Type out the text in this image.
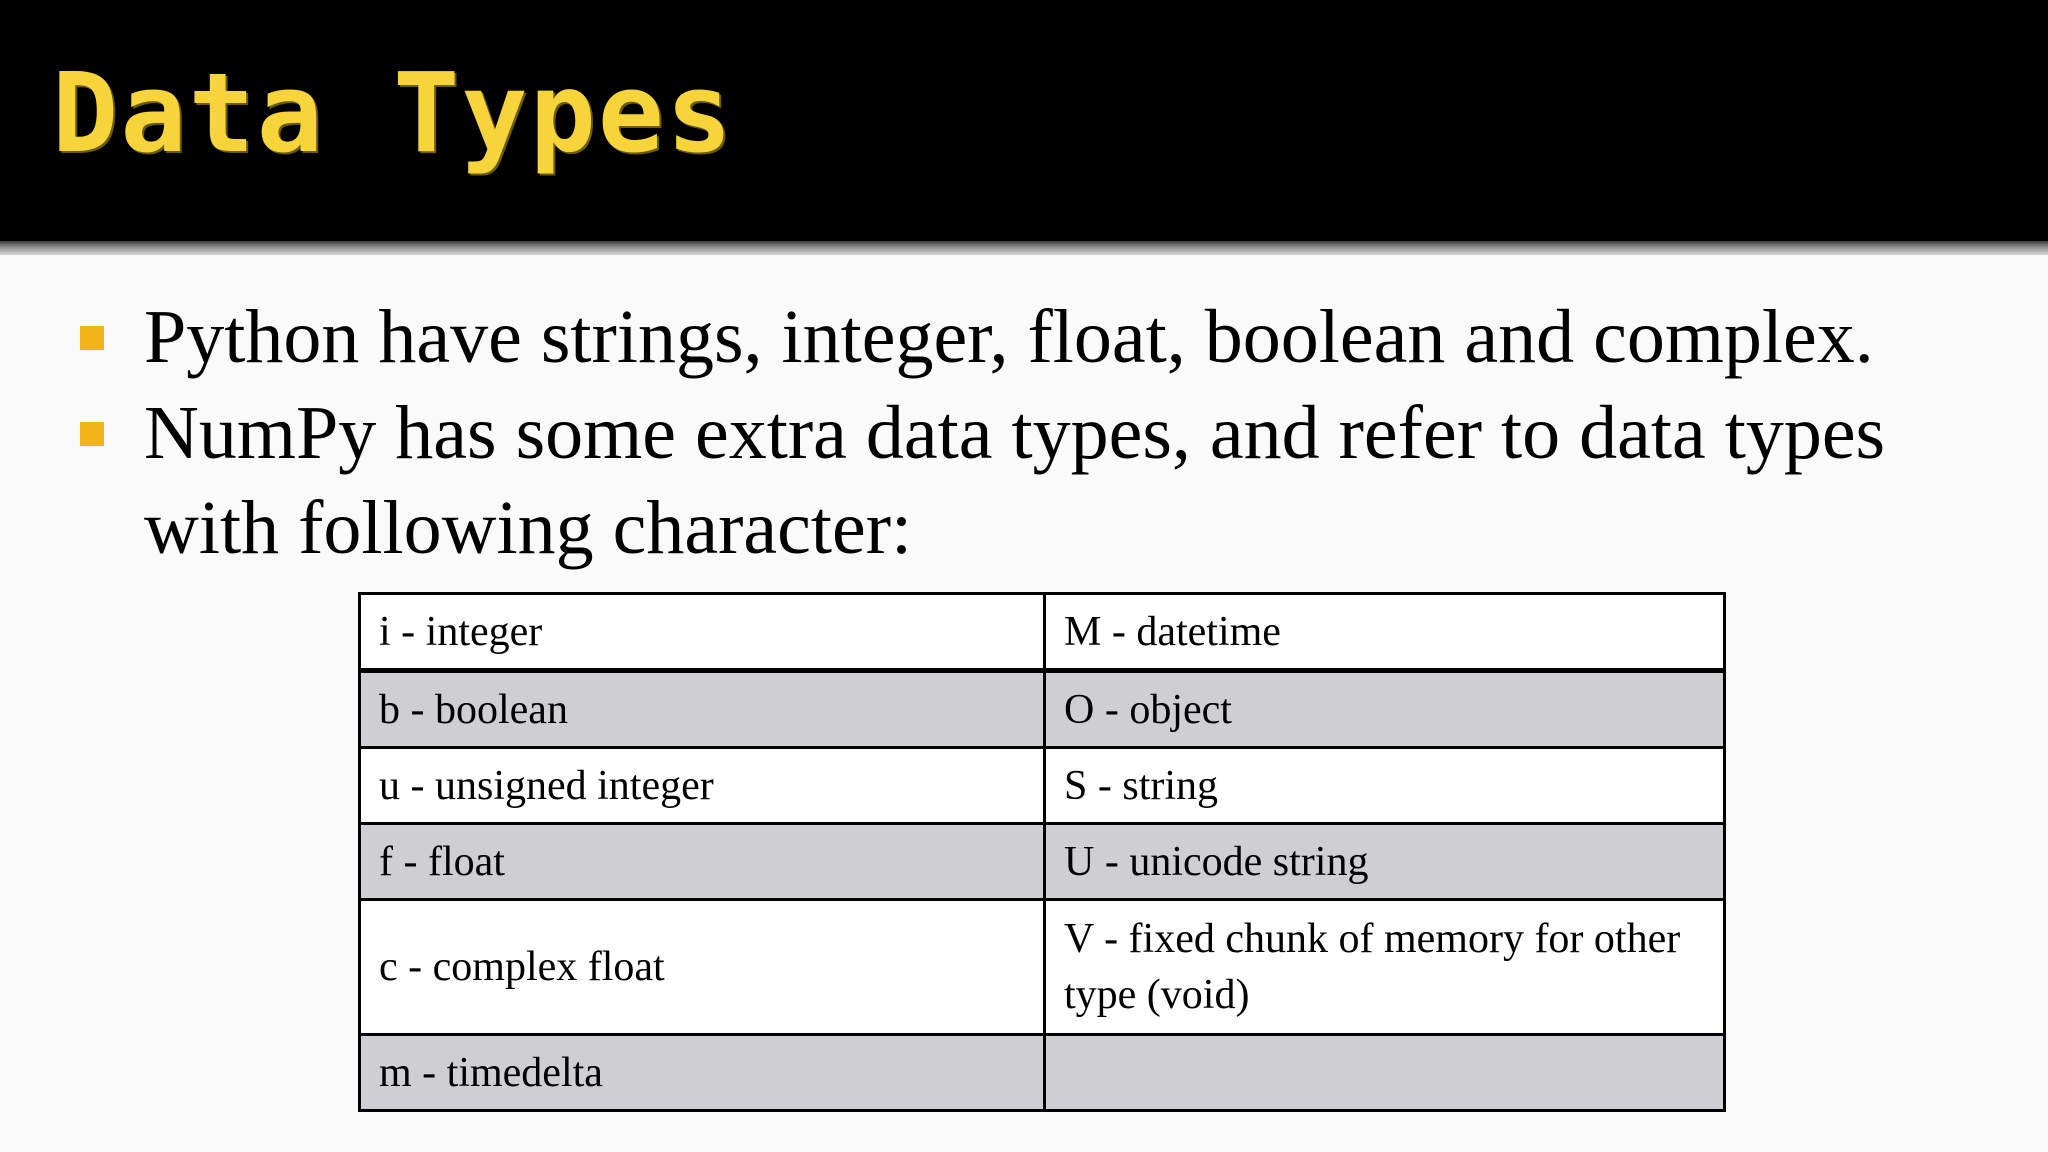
Data Types
Python have strings, integer, float, boolean and complex.
NumPy has some extra data types, and refer to data types with following character:
i - integer	M - datetime
b - boolean	O - object
u - unsigned integer	S - string
f - float	U - unicode string
c - complex float	V - fixed chunk of memory for other type (void)
m - timedelta	
